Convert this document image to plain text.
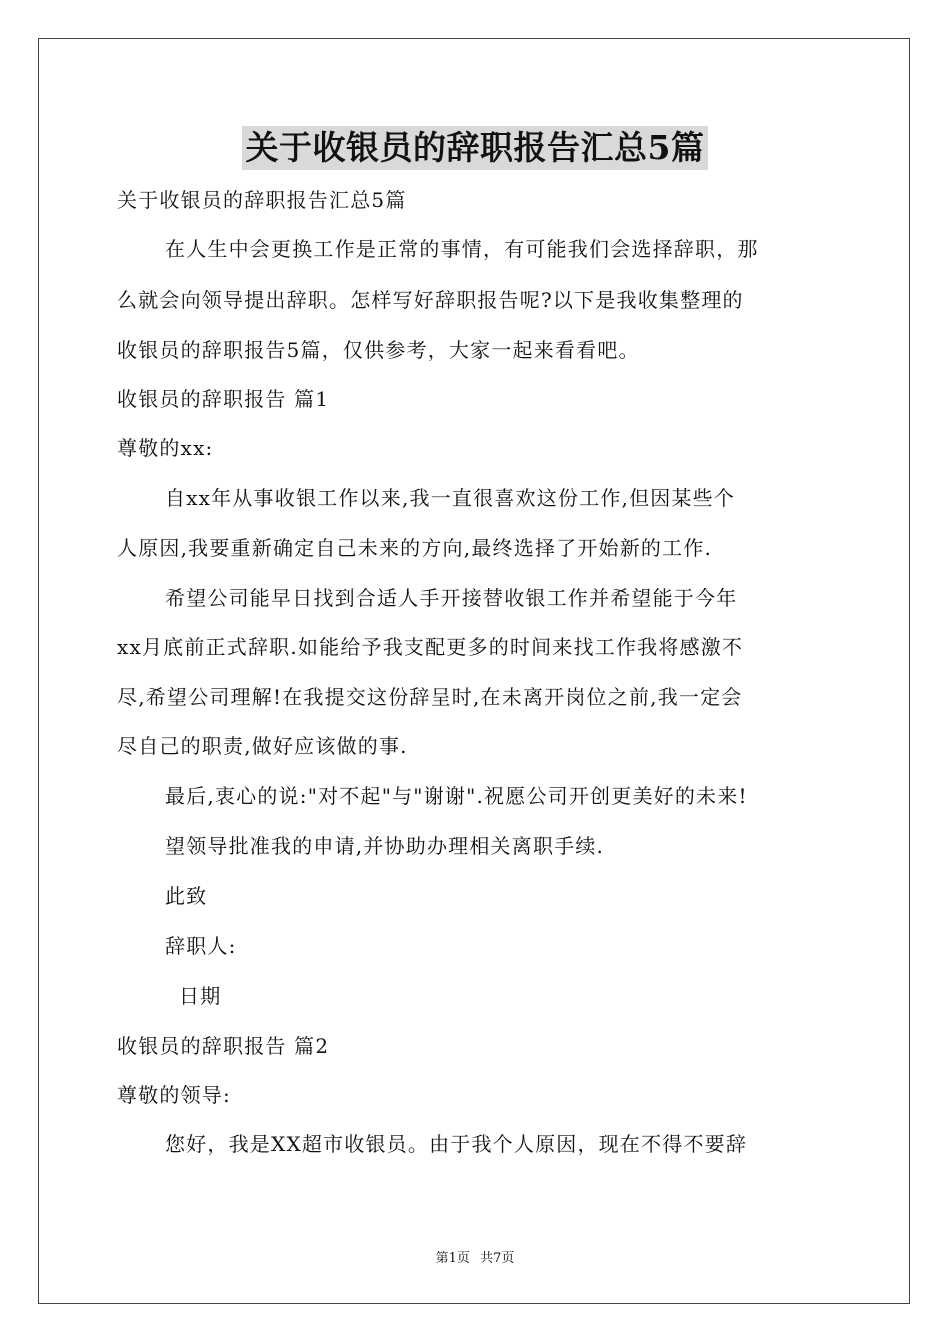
关于收银员的辞职报告汇总5篇

关于收银员的辞职报告汇总5篇

在人生中会更换工作是正常的事情，有可能我们会选择辞职，那

么就会向领导提出辞职。怎样写好辞职报告呢?以下是我收集整理的

收银员的辞职报告5篇，仅供参考，大家一起来看看吧。

收银员的辞职报告 篇1

尊敬的xx:

自xx年从事收银工作以来,我一直很喜欢这份工作,但因某些个

人原因,我要重新确定自己未来的方向,最终选择了开始新的工作.

希望公司能早日找到合适人手开接替收银工作并希望能于今年

xx月底前正式辞职.如能给予我支配更多的时间来找工作我将感激不

尽,希望公司理解!在我提交这份辞呈时,在未离开岗位之前,我一定会

尽自己的职责,做好应该做的事.

最后,衷心的说:"对不起"与"谢谢".祝愿公司开创更美好的未来!

望领导批准我的申请,并协助办理相关离职手续.

此致

辞职人:

日期

收银员的辞职报告 篇2

尊敬的领导:

您好，我是XX超市收银员。由于我个人原因，现在不得不要辞

第1页 共7页
